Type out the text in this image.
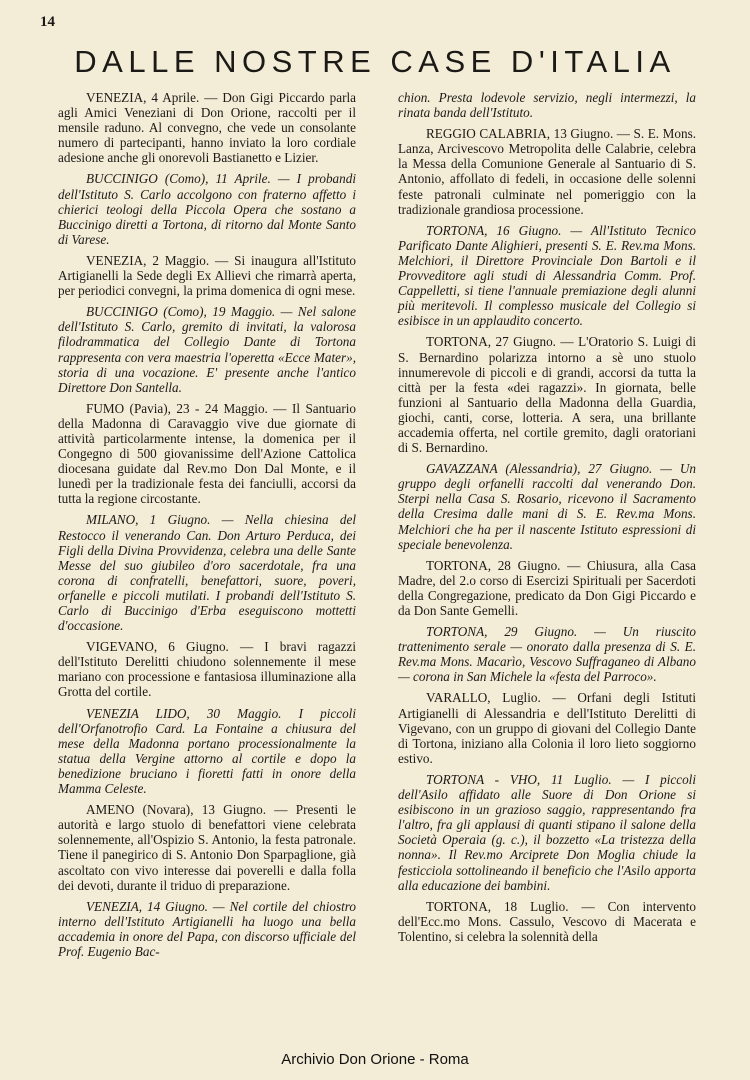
14
DALLE NOSTRE CASE D'ITALIA

VENEZIA, 4 Aprile. — Don Gigi Piccardo parla agli Amici Veneziani di Don Orione, raccolti per il mensile raduno. Al convegno, che vede un consolante numero di partecipanti, hanno inviato la loro cordiale adesione anche gli onorevoli Bastianetto e Lizier.

BUCCINIGO (Como), 11 Aprile. — I probandi dell'Istituto S. Carlo accolgono con fraterno affetto i chierici teologi della Piccola Opera che sostano a Buccinigo diretti a Tortona, di ritorno dal Monte Santo di Varese.

VENEZIA, 2 Maggio. — Si inaugura all'Istituto Artigianelli la Sede degli Ex Allievi che rimarrà aperta, per periodici convegni, la prima domenica di ogni mese.

BUCCINIGO (Como), 19 Maggio. — Nel salone dell'Istituto S. Carlo, gremito di invitati, la valorosa filodrammatica del Collegio Dante di Tortona rappresenta con vera maestria l'operetta «Ecce Mater», storia di una vocazione. E' presente anche l'antico Direttore Don Santella.

FUMO (Pavia), 23 - 24 Maggio. — Il Santuario della Madonna di Caravaggio vive due giornate di attività particolarmente intense, la domenica per il Congegno di 500 giovanissime dell'Azione Cattolica diocesana guidate dal Rev.mo Don Dal Monte, e il lunedì per la tradizionale festa dei fanciulli, accorsi da tutta la regione circostante.

MILANO, 1 Giugno. — Nella chiesina del Restocco il venerando Can. Don Arturo Perduca, dei Figli della Divina Provvidenza, celebra una delle Sante Messe del suo giubileo d'oro sacerdotale, fra una corona di confratelli, benefattori, suore, poveri, orfanelle e piccoli mutilati. I probandi dell'Istituto S. Carlo di Buccinigo d'Erba eseguiscono mottetti d'occasione.

VIGEVANO, 6 Giugno. — I bravi ragazzi dell'Istituto Derelitti chiudono solennemente il mese mariano con processione e fantasiosa illuminazione alla Grotta del cortile.

VENEZIA LIDO, 30 Maggio. I piccoli dell'Orfanotrofio Card. La Fontaine a chiusura del mese della Madonna portano processionalmente la statua della Vergine attorno al cortile e dopo la benedizione bruciano i fioretti fatti in onore della Mamma Celeste.

AMENO (Novara), 13 Giugno. — Presenti le autorità e largo stuolo di benefattori viene celebrata solennemente, all'Ospizio S. Antonio, la festa patronale. Tiene il panegirico di S. Antonio Don Sparpaglione, già ascoltato con vivo interesse dai poverelli e dalla folla dei devoti, durante il triduo di preparazione.

VENEZIA, 14 Giugno. — Nel cortile del chiostro interno dell'Istituto Artigianelli ha luogo una bella accademia in onore del Papa, con discorso ufficiale del Prof. Eugenio Bac-

chion. Presta lodevole servizio, negli intermezzi, la rinata banda dell'Istituto.

REGGIO CALABRIA, 13 Giugno. — S. E. Mons. Lanza, Arcivescovo Metropolita delle Calabrie, celebra la Messa della Comunione Generale al Santuario di S. Antonio, affollato di fedeli, in occasione delle solenni feste patronali culminate nel pomeriggio con la tradizionale grandiosa processione.

TORTONA, 16 Giugno. — All'Istituto Tecnico Parificato Dante Alighieri, presenti S. E. Rev.ma Mons. Melchiori, il Direttore Provinciale Don Bartoli e il Provveditore agli studi di Alessandria Comm. Prof. Cappelletti, si tiene l'annuale premiazione degli alunni più meritevoli. Il complesso musicale del Collegio si esibisce in un applaudito concerto.

TORTONA, 27 Giugno. — L'Oratorio S. Luigi di S. Bernardino polarizza intorno a sè uno stuolo innumerevole di piccoli e di grandi, accorsi da tutta la città per la festa «dei ragazzi». In giornata, belle funzioni al Santuario della Madonna della Guardia, giochi, canti, corse, lotteria. A sera, una brillante accademia offerta, nel cortile gremito, dagli oratoriani di S. Bernardino.

GAVAZZANA (Alessandria), 27 Giugno. — Un gruppo degli orfanelli raccolti dal venerando Don. Sterpi nella Casa S. Rosario, ricevono il Sacramento della Cresima dalle mani di S. E. Rev.ma Mons. Melchiori che ha per il nascente Istituto espressioni di speciale benevolenza.

TORTONA, 28 Giugno. — Chiusura, alla Casa Madre, del 2.o corso di Esercizi Spirituali per Sacerdoti della Congregazione, predicato da Don Gigi Piccardo e da Don Sante Gemelli.

TORTONA, 29 Giugno. — Un riuscito trattenimento serale — onorato dalla presenza di S. E. Rev.ma Mons. Macarìo, Vescovo Suffraganeo di Albano — corona in San Michele la «festa del Parroco».

VARALLO, Luglio. — Orfani degli Istituti Artigianelli di Alessandria e dell'Istituto Derelitti di Vigevano, con un gruppo di giovani del Collegio Dante di Tortona, iniziano alla Colonia il loro lieto soggiorno estivo.

TORTONA - VHO, 11 Luglio. — I piccoli dell'Asilo affidato alle Suore di Don Orione si esibiscono in un grazioso saggio, rappresentando fra l'altro, fra gli applausi di quanti stipano il salone della Società Operaia (g. c.), il bozzetto «La tristezza della nonna». Il Rev.mo Arciprete Don Moglia chiude la festicciola sottolineando il beneficio che l'Asilo apporta alla educazione dei bambini.

TORTONA, 18 Luglio. — Con intervento dell'Ecc.mo Mons. Cassulo, Vescovo di Macerata e Tolentino, si celebra la solennità della

Archivio Don Orione - Roma
